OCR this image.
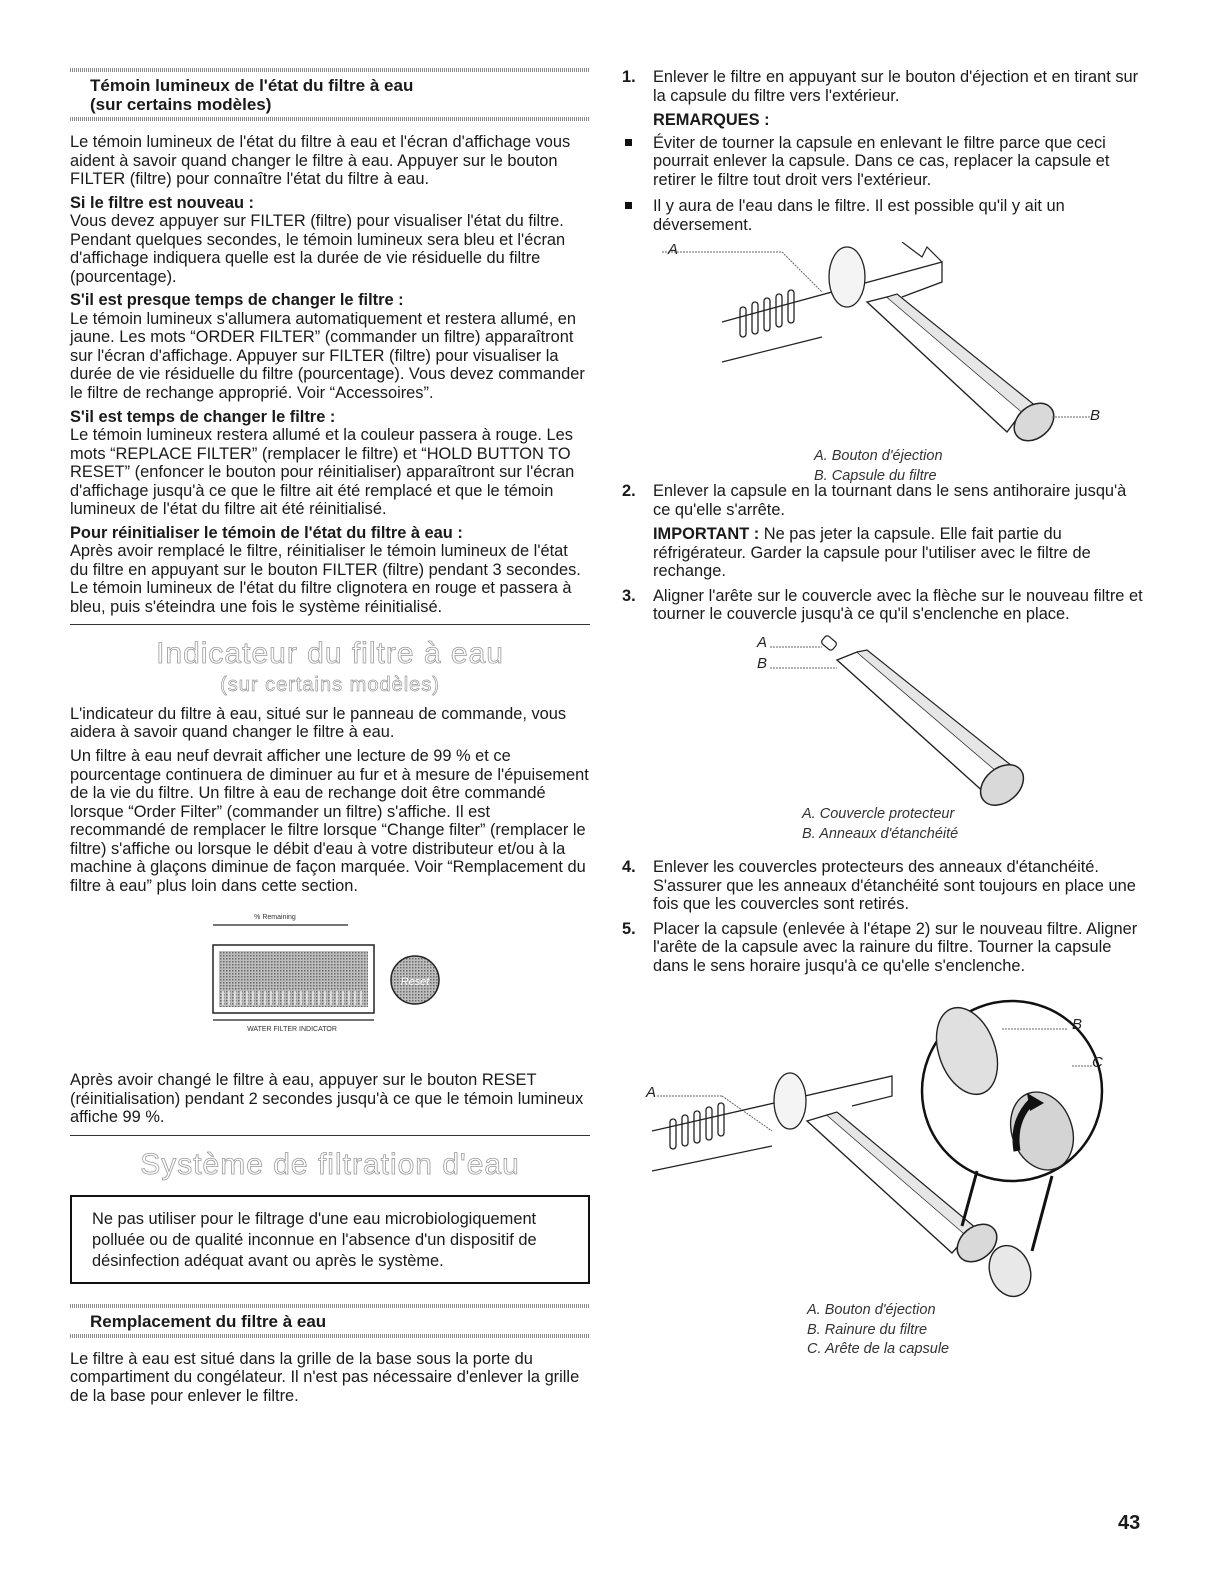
Témoin lumineux de l'état du filtre à eau
(sur certains modèles)

Le témoin lumineux de l'état du filtre à eau et l'écran d'affichage vous aident à savoir quand changer le filtre à eau. Appuyer sur le bouton FILTER (filtre) pour connaître l'état du filtre à eau.

Si le filtre est nouveau :

Vous devez appuyer sur FILTER (filtre) pour visualiser l'état du filtre. Pendant quelques secondes, le témoin lumineux sera bleu et l'écran d'affichage indiquera quelle est la durée de vie résiduelle du filtre (pourcentage).

S'il est presque temps de changer le filtre :

Le témoin lumineux s'allumera automatiquement et restera allumé, en jaune. Les mots “ORDER FILTER” (commander un filtre) apparaîtront sur l'écran d'affichage. Appuyer sur FILTER (filtre) pour visualiser la durée de vie résiduelle du filtre (pourcentage). Vous devez commander le filtre de rechange approprié. Voir “Accessoires”.

S'il est temps de changer le filtre :

Le témoin lumineux restera allumé et la couleur passera à rouge. Les mots “REPLACE FILTER” (remplacer le filtre) et “HOLD BUTTON TO RESET” (enfoncer le bouton pour réinitialiser) apparaîtront sur l'écran d'affichage jusqu'à ce que le filtre ait été remplacé et que le témoin lumineux de l'état du filtre ait été réinitialisé.

Pour réinitialiser le témoin de l'état du filtre à eau :

Après avoir remplacé le filtre, réinitialiser le témoin lumineux de l'état du filtre en appuyant sur le bouton FILTER (filtre) pendant 3 secondes. Le témoin lumineux de l'état du filtre clignotera en rouge et passera à bleu, puis s'éteindra une fois le système réinitialisé.

Indicateur du filtre à eau
(sur certains modèles)

L'indicateur du filtre à eau, situé sur le panneau de commande, vous aidera à savoir quand changer le filtre à eau.

Un filtre à eau neuf devrait afficher une lecture de 99 % et ce pourcentage continuera de diminuer au fur et à mesure de l'épuisement de la vie du filtre. Un filtre à eau de rechange doit être commandé lorsque “Order Filter” (commander un filtre) s'affiche. Il est recommandé de remplacer le filtre lorsque “Change filter” (remplacer le filtre) s'affiche ou lorsque le débit d'eau à votre distributeur et/ou à la machine à glaçons diminue de façon marquée. Voir “Remplacement du filtre à eau” plus loin dans cette section.

% Remaining
Reset
WATER FILTER INDICATOR

Après avoir changé le filtre à eau, appuyer sur le bouton RESET (réinitialisation) pendant 2 secondes jusqu'à ce que le témoin lumineux affiche 99 %.

Système de filtration d'eau
Ne pas utiliser pour le filtrage d'une eau microbiologiquement polluée ou de qualité inconnue en l'absence d'un dispositif de désinfection adéquat avant ou après le système.
Remplacement du filtre à eau

Le filtre à eau est situé dans la grille de la base sous la porte du compartiment du congélateur. Il n'est pas nécessaire d'enlever la grille de la base pour enlever le filtre.

1. Enlever le filtre en appuyant sur le bouton d'éjection et en tirant sur la capsule du filtre vers l'extérieur.
REMARQUES :
Éviter de tourner la capsule en enlevant le filtre parce que ceci pourrait enlever la capsule. Dans ce cas, replacer la capsule et retirer le filtre tout droit vers l'extérieur.
Il y aura de l'eau dans le filtre. Il est possible qu'il y ait un déversement.
A
B
A. Bouton d'éjection
B. Capsule du filtre
2. Enlever la capsule en la tournant dans le sens antihoraire jusqu'à ce qu'elle s'arrête.
IMPORTANT : Ne pas jeter la capsule. Elle fait partie du réfrigérateur. Garder la capsule pour l'utiliser avec le filtre de rechange.
3. Aligner l'arête sur le couvercle avec la flèche sur le nouveau filtre et tourner le couvercle jusqu'à ce qu'il s'enclenche en place.
A
B
A. Couvercle protecteur
B. Anneaux d'étanchéité
4. Enlever les couvercles protecteurs des anneaux d'étanchéité. S'assurer que les anneaux d'étanchéité sont toujours en place une fois que les couvercles sont retirés.
5. Placer la capsule (enlevée à l'étape 2) sur le nouveau filtre. Aligner l'arête de la capsule avec la rainure du filtre. Tourner la capsule dans le sens horaire jusqu'à ce qu'elle s'enclenche.
B
C
A
A. Bouton d'éjection
B. Rainure du filtre
C. Arête de la capsule
43
